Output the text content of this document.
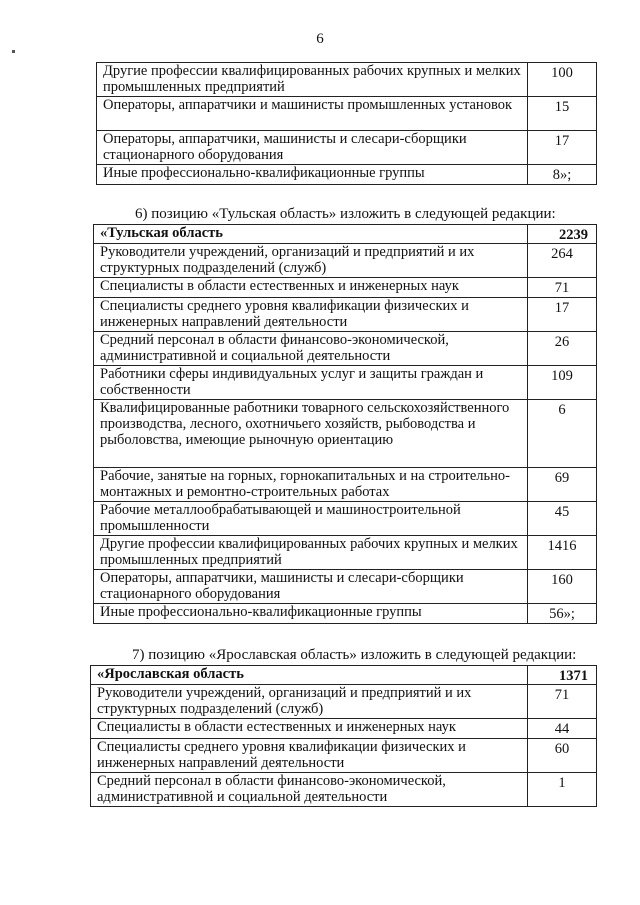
6
Другие профессии квалифицированных рабочих крупных и мелких промышленных предприятий	100
Операторы, аппаратчики и машинисты промышленных установок	15
Операторы, аппаратчики, машинисты и слесари-сборщики стационарного оборудования	17
Иные профессионально-квалификационные группы	8»;
6) позицию «Тульская область» изложить в следующей редакции:
«Тульская область	2239
Руководители учреждений, организаций и предприятий и их структурных подразделений (служб)	264
Специалисты в области естественных и инженерных наук	71
Специалисты среднего уровня квалификации физических и инженерных направлений деятельности	17
Средний персонал в области финансово-экономической, административной и социальной деятельности	26
Работники сферы индивидуальных услуг и защиты граждан и собственности	109
Квалифицированные работники товарного сельскохозяйственного производства, лесного, охотничьего хозяйств, рыбоводства и рыболовства, имеющие рыночную ориентацию	6
Рабочие, занятые на горных, горнокапитальных и на строительно-монтажных и ремонтно-строительных работах	69
Рабочие металлообрабатывающей и машиностроительной промышленности	45
Другие профессии квалифицированных рабочих крупных и мелких промышленных предприятий	1416
Операторы, аппаратчики, машинисты и слесари-сборщики стационарного оборудования	160
Иные профессионально-квалификационные группы	56»;
7) позицию «Ярославская область» изложить в следующей редакции:
«Ярославская область	1371
Руководители учреждений, организаций и предприятий и их структурных подразделений (служб)	71
Специалисты в области естественных и инженерных наук	44
Специалисты среднего уровня квалификации физических и инженерных направлений деятельности	60
Средний персонал в области финансово-экономической, административной и социальной деятельности	1
